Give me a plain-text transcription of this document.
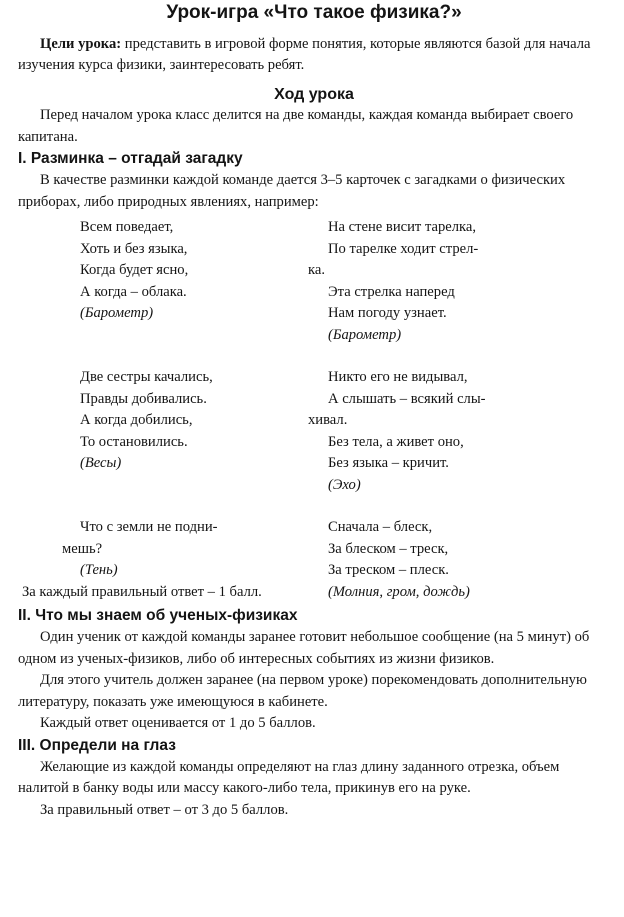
Урок-игра «Что такое физика?»

Цели урока: представить в игровой форме понятия, которые являются базой для начала изучения курса физики, заинтересовать ребят.

Ход урока

Перед началом урока класс делится на две команды, каждая команда выбирает своего капитана.

I. Разминка – отгадай загадку

В качестве разминки каждой команде дается 3–5 карточек с загадками о физических приборах, либо природных явлениях, например:

Всем поведает,
Хоть и без языка,
Когда будет ясно,
А когда – облака.
(Барометр)
На стене висит тарелка,
По тарелке ходит стрел-
ка.
Эта стрелка наперед
Нам погоду узнает.
(Барометр)
Две сестры качались,
Правды добивались.
А когда добились,
То остановились.
(Весы)
Никто его не видывал,
А слышать – всякий слы-
хивал.
Без тела, а живет оно,
Без языка – кричит.
(Эхо)
Что с земли не подни-
мешь?
(Тень)
Сначала – блеск,
За блеском – треск,
За треском – плеск.
(Молния, гром, дождь)
За каждый правильный ответ – 1 балл.
II. Что мы знаем об ученых-физиках

Один ученик от каждой команды заранее готовит небольшое сообщение (на 5 минут) об одном из ученых-физиков, либо об интересных событиях из жизни физиков.

Для этого учитель должен заранее (на первом уроке) порекомендовать дополнительную литературу, показать уже имеющуюся в кабинете.

Каждый ответ оценивается от 1 до 5 баллов.

III. Определи на глаз

Желающие из каждой команды определяют на глаз длину заданного отрезка, объем налитой в банку воды или массу какого-либо тела, прикинув его на руке.

За правильный ответ – от 3 до 5 баллов.
